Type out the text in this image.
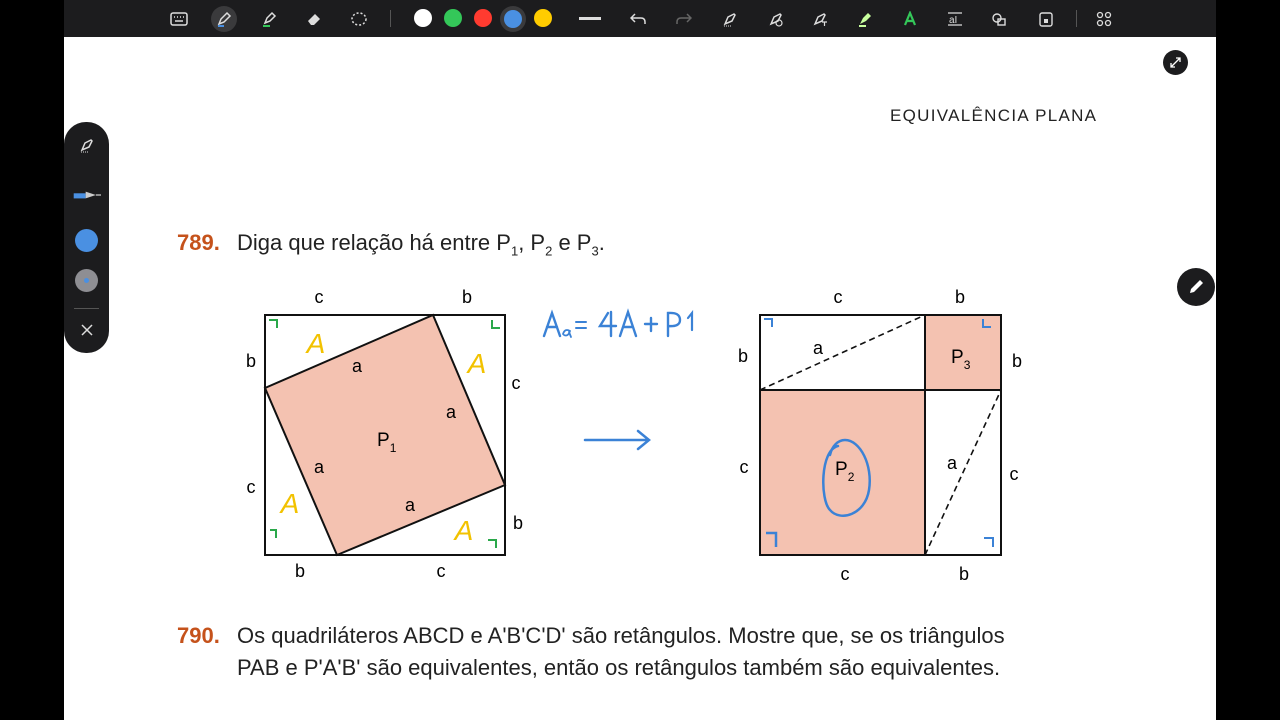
aI
EQUIVALÊNCIA PLANA
789. Diga que relação há entre $P_1$, $P_2$ e $P_3$.
790. Os quadriláteros ABCD e A'B'C'D' são retângulos. Mostre que, se os triângulos
PAB e P'A'B' são equivalentes, então os retângulos também são equivalentes.
c	b
b
c
c
b
b	c
a
a
a
a
$P_1$
A
A
A
A
c	b
b
c
b
c
c	b
a
a
$P_2$
$P_3$
